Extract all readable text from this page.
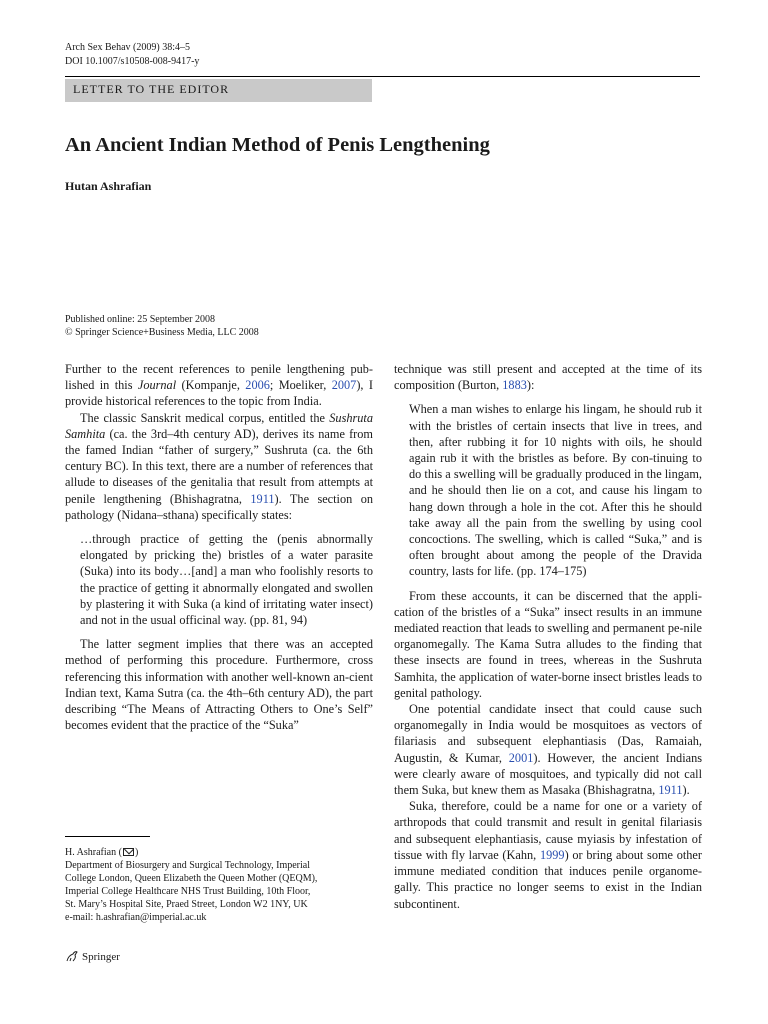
Arch Sex Behav (2009) 38:4–5
DOI 10.1007/s10508-008-9417-y
LETTER TO THE EDITOR
An Ancient Indian Method of Penis Lengthening
Hutan Ashrafian
Published online: 25 September 2008
© Springer Science+Business Media, LLC 2008

Further to the recent references to penile lengthening pub-lished in this Journal (Kompanje, 2006; Moeliker, 2007), I provide historical references to the topic from India.

The classic Sanskrit medical corpus, entitled the Sushruta Samhita (ca. the 3rd–4th century AD), derives its name from the famed Indian “father of surgery,” Sushruta (ca. the 6th century BC). In this text, there are a number of references that allude to diseases of the genitalia that result from attempts at penile lengthening (Bhishagratna, 1911). The section on pathology (Nidana–sthana) specifically states:

…through practice of getting the (penis abnormally elongated by pricking the) bristles of a water parasite (Suka) into its body…[and] a man who foolishly resorts to the practice of getting it abnormally elongated and swollen by plastering it with Suka (a kind of irritating water insect) and not in the usual officinal way. (pp. 81, 94)

The latter segment implies that there was an accepted method of performing this procedure. Furthermore, cross referencing this information with another well-known an-cient Indian text, Kama Sutra (ca. the 4th–6th century AD), the part describing “The Means of Attracting Others to One’s Self” becomes evident that the practice of the “Suka”

technique was still present and accepted at the time of its composition (Burton, 1883):

When a man wishes to enlarge his lingam, he should rub it with the bristles of certain insects that live in trees, and then, after rubbing it for 10 nights with oils, he should again rub it with the bristles as before. By con-tinuing to do this a swelling will be gradually produced in the lingam, and he should then lie on a cot, and cause his lingam to hang down through a hole in the cot. After this he should take away all the pain from the swelling by using cool concoctions. The swelling, which is called “Suka,” and is often brought about among the people of the Dravida country, lasts for life. (pp. 174–175)

From these accounts, it can be discerned that the appli-cation of the bristles of a “Suka” insect results in an immune mediated reaction that leads to swelling and permanent pe-nile organomegally. The Kama Sutra alludes to the finding that these insects are found in trees, whereas in the Sushruta Samhita, the application of water-borne insect bristles leads to genital pathology.

One potential candidate insect that could cause such organomegally in India would be mosquitoes as vectors of filariasis and subsequent elephantiasis (Das, Ramaiah, Augustin, & Kumar, 2001). However, the ancient Indians were clearly aware of mosquitoes, and typically did not call them Suka, but knew them as Masaka (Bhishagratna, 1911).

Suka, therefore, could be a name for one or a variety of arthropods that could transmit and result in genital filariasis and subsequent elephantiasis, cause myiasis by infestation of tissue with fly larvae (Kahn, 1999) or bring about some other immune mediated condition that induces penile organome-gally. This practice no longer seems to exist in the Indian subcontinent.

H. Ashrafian ( )
Department of Biosurgery and Surgical Technology, Imperial
College London, Queen Elizabeth the Queen Mother (QEQM),
Imperial College Healthcare NHS Trust Building, 10th Floor,
St. Mary’s Hospital Site, Praed Street, London W2 1NY, UK
e-mail: h.ashrafian@imperial.ac.uk
Springer
